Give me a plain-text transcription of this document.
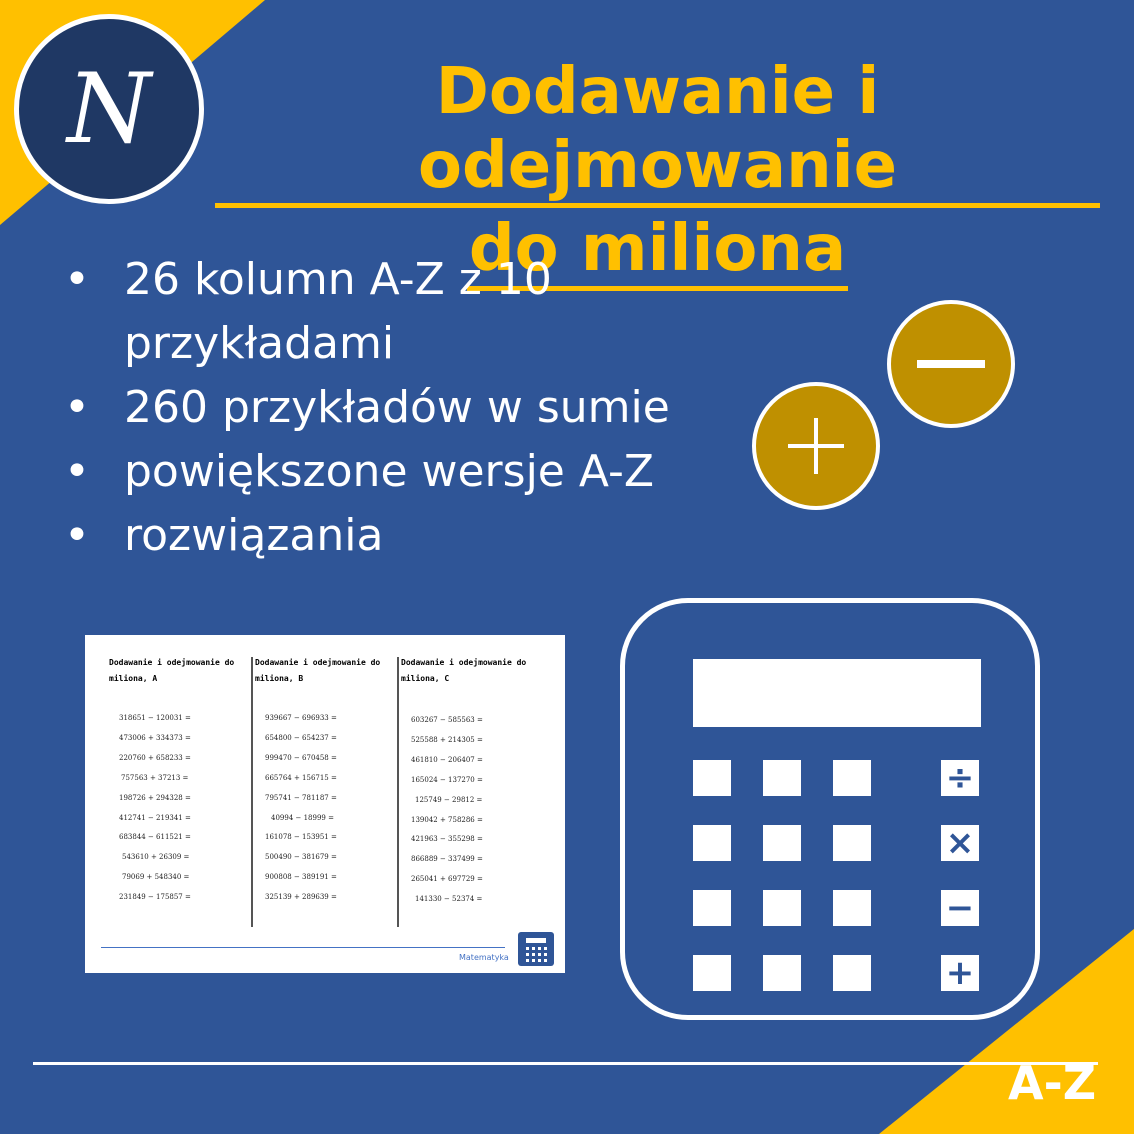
N	Dodawanie i odejmowanie
do miliona
• 26 kolumn A-Z z 10
przykładami
• 260 przykładów w sumie
• powiększone wersje A-Z
• rozwiązania
Dodawanie i odejmowanie do
miliona, A
318651 − 120031 =
473006 + 334373 =
220760 + 658233 =
757563 + 37213 =
198726 + 294328 =
412741 − 219341 =
683844 − 611521 =
543610 + 26309 =
79069 + 548340 =
231849 − 175857 =
Dodawanie i odejmowanie do
miliona, B
939667 − 696933 =
654800 − 654237 =
999470 − 670458 =
665764 + 156715 =
795741 − 781187 =
40994 − 18999 =
161078 − 153951 =
500490 − 381679 =
900808 − 389191 =
325139 + 289639 =
Dodawanie i odejmowanie do
miliona, C
603267 − 585563 =
525588 + 214305 =
461810 − 206407 =
165024 − 137270 =
125749 − 29812 =
139042 + 758286 =
421963 − 355298 =
866889 − 337499 =
265041 + 697729 =
141330 − 52374 =
Matematyka
÷
×
−
+
A-Z
